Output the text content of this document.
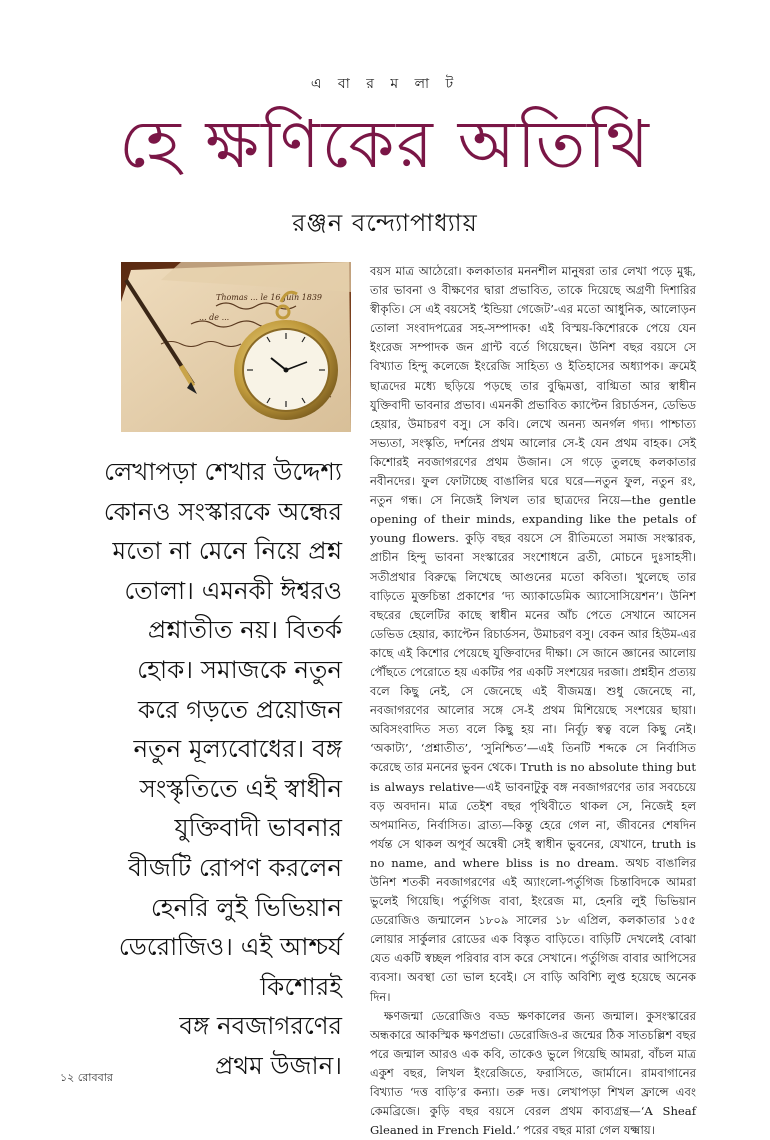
এ বা র ম লা ট
হে ক্ষণিকের অতিথি
রঞ্জন বন্দ্যোপাধ্যায়
Thomas ... le 16 Juin 1839
... de ...
লেখাপড়া শেখার উদ্দেশ্য
কোনও সংস্কারকে অন্ধের
মতো না মেনে নিয়ে প্রশ্ন
তোলা। এমনকী ঈশ্বরও
প্রশ্নাতীত নয়। বিতর্ক
হোক। সমাজকে নতুন
করে গড়তে প্রয়োজন
নতুন মূল্যবোধের। বঙ্গ
সংস্কৃতিতে এই স্বাধীন
যুক্তিবাদী ভাবনার
বীজটি রোপণ করলেন
হেনরি লুই ভিভিয়ান
ডেরোজিও। এই আশ্চর্য
কিশোরই
বঙ্গ নবজাগরণের
প্রথম উজান।

বয়স মাত্র আঠেরো। কলকাতার মননশীল মানুষরা তার লেখা পড়ে মুগ্ধ, তার ভাবনা ও বীক্ষণের দ্বারা প্রভাবিত, তাকে দিয়েছে অগ্রণী দিশারির স্বীকৃতি। সে এই বয়সেই ‘ইন্ডিয়া গেজেট’-এর মতো আধুনিক, আলোড়ন তোলা সংবাদপত্রের সহ-সম্পাদক! এই বিস্ময়-কিশোরকে পেয়ে যেন ইংরেজ সম্পাদক জন গ্রান্ট বর্তে গিয়েছেন। উনিশ বছর বয়সে সে বিখ্যাত হিন্দু কলেজে ইংরেজি সাহিত্য ও ইতিহাসের অধ্যাপক। ক্রমেই ছাত্রদের মধ্যে ছড়িয়ে পড়ছে তার বুদ্ধিমত্তা, বাগ্মিতা আর স্বাধীন যুক্তিবাদী ভাবনার প্রভাব। এমনকী প্রভাবিত ক্যাপ্টেন রিচার্ডসন, ডেভিড হেয়ার, উমাচরণ বসু। সে কবি। লেখে অনন্য অনর্গল গদ্য। পাশ্চাত্য সভ্যতা, সংস্কৃতি, দর্শনের প্রথম আলোর সে-ই যেন প্রথম বাহক। সেই কিশোরই নবজাগরণের প্রথম উজান। সে গড়ে তুলছে কলকাতার নবীনদের। ফুল ফোটাচ্ছে বাঙালির ঘরে ঘরে—নতুন ফুল, নতুন রং, নতুন গন্ধ। সে নিজেই লিখল তার ছাত্রদের নিয়ে—the gentle opening of their minds, expanding like the petals of young flowers. কুড়ি বছর বয়সে সে রীতিমতো সমাজ সংস্কারক, প্রাচীন হিন্দু ভাবনা সংস্কারের সংশোধনে ব্রতী, মোচনে দুঃসাহসী। সতীপ্রথার বিরুদ্ধে লিখেছে আগুনের মতো কবিতা। খুলেছে তার বাড়িতে মুক্তচিন্তা প্রকাশের ‘দ্য অ্যাকাডেমিক অ্যাসোসিয়েশন’। উনিশ বছরের ছেলেটির কাছে স্বাধীন মনের আঁচ পেতে সেখানে আসেন ডেভিড হেয়ার, ক্যাপ্টেন রিচার্ডসন, উমাচরণ বসু। বেকন আর হিউম-এর কাছে এই কিশোর পেয়েছে যুক্তিবাদের দীক্ষা। সে জানে জ্ঞানের আলোয় পৌঁছতে পেরোতে হয় একটির পর একটি সংশয়ের দরজা। প্রশ্নহীন প্রত্যয় বলে কিছু নেই, সে জেনেছে এই বীজমন্ত্র। শুধু জেনেছে না, নবজাগরণের আলোর সঙ্গে সে-ই প্রথম মিশিয়েছে সংশয়ের ছায়া। অবিসংবাদিত সত্য বলে কিছু হয় না। নির্বূঢ় স্বত্ব বলে কিছু নেই। ‘অকাট্য’, ‘প্রশ্নাতীত’, ‘সুনিশ্চিত’—এই তিনটি শব্দকে সে নির্বাসিত করেছে তার মননের ভুবন থেকে। Truth is no absolute thing but is always relative—এই ভাবনাটুকু বঙ্গ নবজাগরণের তার সবচেয়ে বড় অবদান। মাত্র তেইশ বছর পৃথিবীতে থাকল সে, নিজেই হল অপমানিত, নির্বাসিত। ব্রাত্য—কিন্তু হেরে গেল না, জীবনের শেষদিন পর্যন্ত সে থাকল অপূর্ব অন্বেষী সেই স্বাধীন ভুবনের, যেখানে, truth is no name, and where bliss is no dream. অথচ বাঙালির উনিশ শতকী নবজাগরণের এই অ্যাংলো-পর্তুগিজ চিন্তাবিদকে আমরা ভুলেই গিয়েছি। পর্তুগিজ বাবা, ইংরেজ মা, হেনরি লুই ভিভিয়ান ডেরোজিও জন্মালেন ১৮০৯ সালের ১৮ এপ্রিল, কলকাতার ১৫৫ লোয়ার সার্কুলার রোডের এক বিস্তৃত বাড়িতে। বাড়িটি দেখলেই বোঝা যেত একটি স্বচ্ছল পরিবার বাস করে সেখানে। পর্তুগিজ বাবার আপিসের ব্যবসা। অবস্থা তো ভাল হবেই। সে বাড়ি অবিশ্যি লুপ্ত হয়েছে অনেক দিন।

ক্ষণজন্মা ডেরোজিও বড্ড ক্ষণকালের জন্য জন্মাল। কুসংস্কারের অন্ধকারে আকস্মিক ক্ষণপ্রভা। ডেরোজিও-র জন্মের ঠিক সাতচল্লিশ বছর পরে জন্মাল আরও এক কবি, তাকেও ভুলে গিয়েছি আমরা, বাঁচল মাত্র একুশ বছর, লিখল ইংরেজিতে, ফরাসিতে, জার্মানে। রামবাগানের বিখ্যাত ‘দত্ত বাড়ি’র কন্যা। তরু দত্ত। লেখাপড়া শিখল ফ্রান্সে এবং কেমব্রিজে। কুড়ি বছর বয়সে বেরল প্রথম কাব্যগ্রন্থ—‘A Sheaf Gleaned in French Field.’ পরের বছর মারা গেল যক্ষ্মায়।

১২ রোববার
